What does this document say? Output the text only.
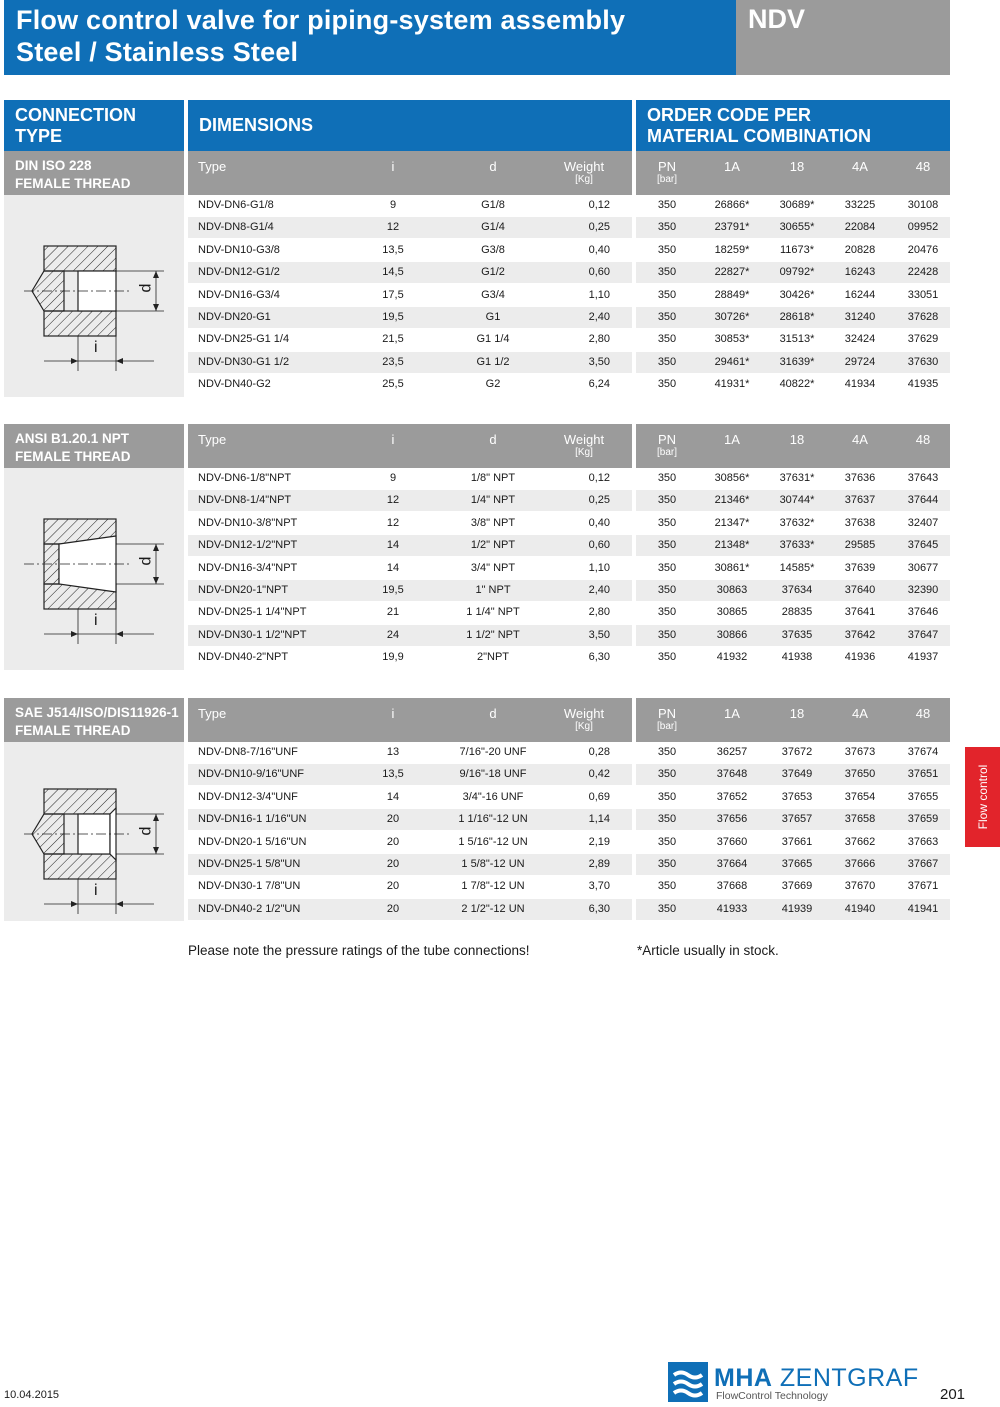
Flow control valve for piping-system assembly
Steel / Stainless Steel
NDV
CONNECTION TYPE
DIMENSIONS
ORDER CODE PER
MATERIAL COMBINATION
DIN ISO 228
FEMALE THREAD
Type	i	d	Weight
[Kg]
PN
[bar]
1A	18	4A	48
d
i
NDV-DN6-G1/8	9	G1/8	0,12	350	26866*	30689*	33225	30108
NDV-DN8-G1/4	12	G1/4	0,25	350	23791*	30655*	22084	09952
NDV-DN10-G3/8	13,5	G3/8	0,40	350	18259*	11673*	20828	20476
NDV-DN12-G1/2	14,5	G1/2	0,60	350	22827*	09792*	16243	22428
NDV-DN16-G3/4	17,5	G3/4	1,10	350	28849*	30426*	16244	33051
NDV-DN20-G1	19,5	G1	2,40	350	30726*	28618*	31240	37628
NDV-DN25-G1 1/4	21,5	G1 1/4	2,80	350	30853*	31513*	32424	37629
NDV-DN30-G1 1/2	23,5	G1 1/2	3,50	350	29461*	31639*	29724	37630
NDV-DN40-G2	25,5	G2	6,24	350	41931*	40822*	41934	41935
ANSI B1.20.1 NPT
FEMALE THREAD
Type	i	d	Weight
[Kg]
PN
[bar]
1A	18	4A	48
d
i
NDV-DN6-1/8"NPT	9	1/8" NPT	0,12	350	30856*	37631*	37636	37643
NDV-DN8-1/4"NPT	12	1/4" NPT	0,25	350	21346*	30744*	37637	37644
NDV-DN10-3/8"NPT	12	3/8" NPT	0,40	350	21347*	37632*	37638	32407
NDV-DN12-1/2"NPT	14	1/2" NPT	0,60	350	21348*	37633*	29585	37645
NDV-DN16-3/4"NPT	14	3/4" NPT	1,10	350	30861*	14585*	37639	30677
NDV-DN20-1"NPT	19,5	1" NPT	2,40	350	30863	37634	37640	32390
NDV-DN25-1 1/4"NPT	21	1 1/4" NPT	2,80	350	30865	28835	37641	37646
NDV-DN30-1 1/2"NPT	24	1 1/2" NPT	3,50	350	30866	37635	37642	37647
NDV-DN40-2"NPT	19,9	2"NPT	6,30	350	41932	41938	41936	41937
SAE J514/ISO/DIS11926-1
FEMALE THREAD
Type	i	d	Weight
[Kg]
PN
[bar]
1A	18	4A	48
d
i
NDV-DN8-7/16"UNF	13	7/16"-20 UNF	0,28	350	36257	37672	37673	37674
NDV-DN10-9/16"UNF	13,5	9/16"-18 UNF	0,42	350	37648	37649	37650	37651
NDV-DN12-3/4"UNF	14	3/4"-16 UNF	0,69	350	37652	37653	37654	37655
NDV-DN16-1 1/16"UN	20	1 1/16"-12 UN	1,14	350	37656	37657	37658	37659
NDV-DN20-1 5/16"UN	20	1 5/16"-12 UN	2,19	350	37660	37661	37662	37663
NDV-DN25-1 5/8"UN	20	1 5/8"-12 UN	2,89	350	37664	37665	37666	37667
NDV-DN30-1 7/8"UN	20	1 7/8"-12 UN	3,70	350	37668	37669	37670	37671
NDV-DN40-2 1/2"UN	20	2 1/2"-12 UN	6,30	350	41933	41939	41940	41941
Please note the pressure ratings of the tube connections!	*Article usually in stock.
Flow control
10.04.2015
MHA ZENTGRAF
FlowControl Technology	201
